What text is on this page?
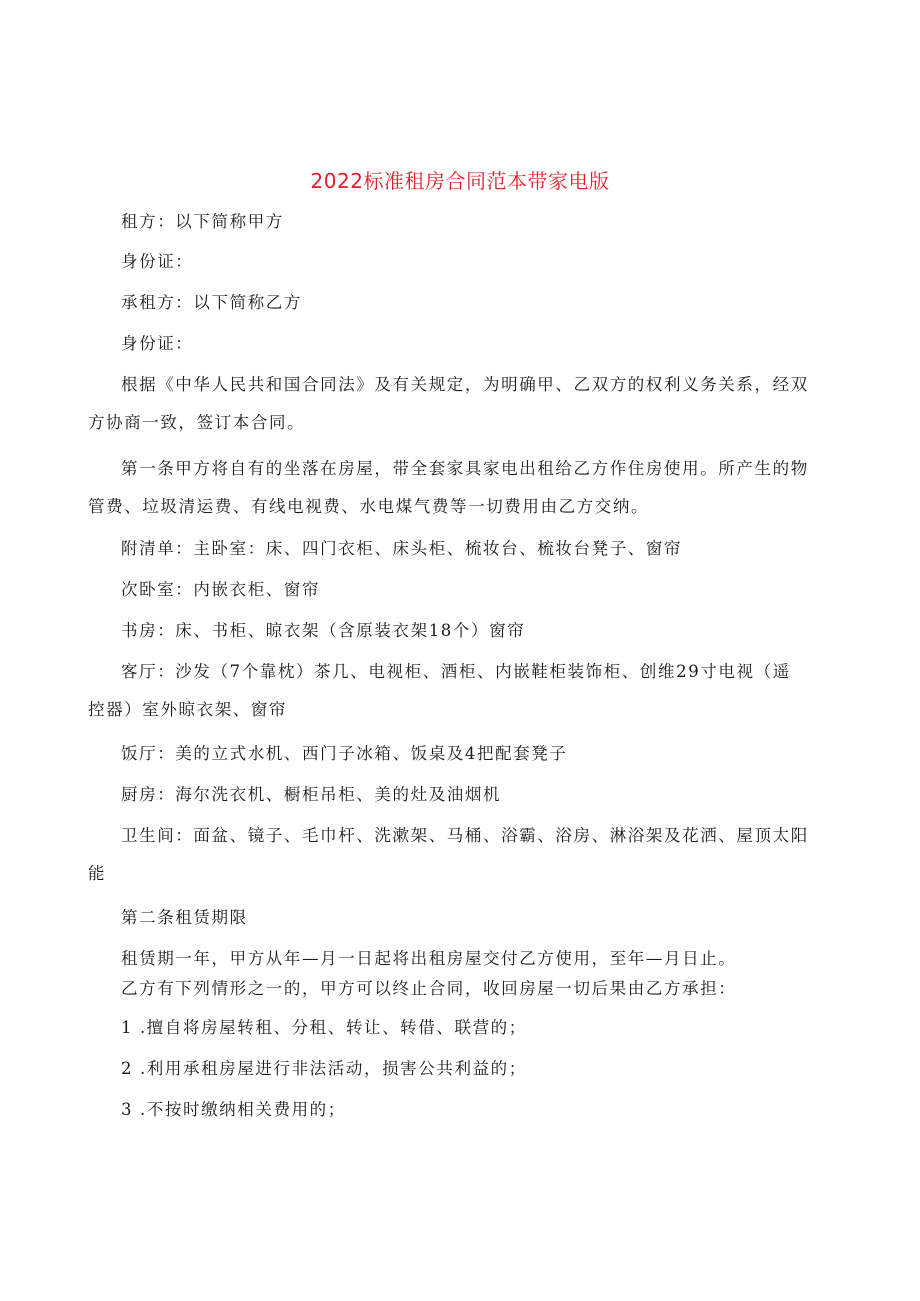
2022标准租房合同范本带家电版

租方：以下简称甲方

身份证：

承租方：以下简称乙方

身份证：

根据《中华人民共和国合同法》及有关规定，为明确甲、乙双方的权利义务关系，经双
方协商一致，签订本合同。

第一条甲方将自有的坐落在房屋，带全套家具家电出租给乙方作住房使用。所产生的物
管费、垃圾清运费、有线电视费、水电煤气费等一切费用由乙方交纳。

附清单：主卧室：床、四门衣柜、床头柜、梳妆台、梳妆台凳子、窗帘

次卧室：内嵌衣柜、窗帘

书房：床、书柜、晾衣架（含原装衣架18个）窗帘

客厅：沙发（7个靠枕）茶几、电视柜、酒柜、内嵌鞋柜装饰柜、创维29寸电视（遥
控器）室外晾衣架、窗帘

饭厅：美的立式水机、西门子冰箱、饭桌及4把配套凳子

厨房：海尔洗衣机、橱柜吊柜、美的灶及油烟机

卫生间：面盆、镜子、毛巾杆、洗漱架、马桶、浴霸、浴房、淋浴架及花洒、屋顶太阳
能

第二条租赁期限

租赁期一年，甲方从年—月一日起将出租房屋交付乙方使用，至年—月日止。
乙方有下列情形之一的，甲方可以终止合同，收回房屋一切后果由乙方承担：

1 .擅自将房屋转租、分租、转让、转借、联营的；

2 .利用承租房屋进行非法活动，损害公共利益的；

3 .不按时缴纳相关费用的；
